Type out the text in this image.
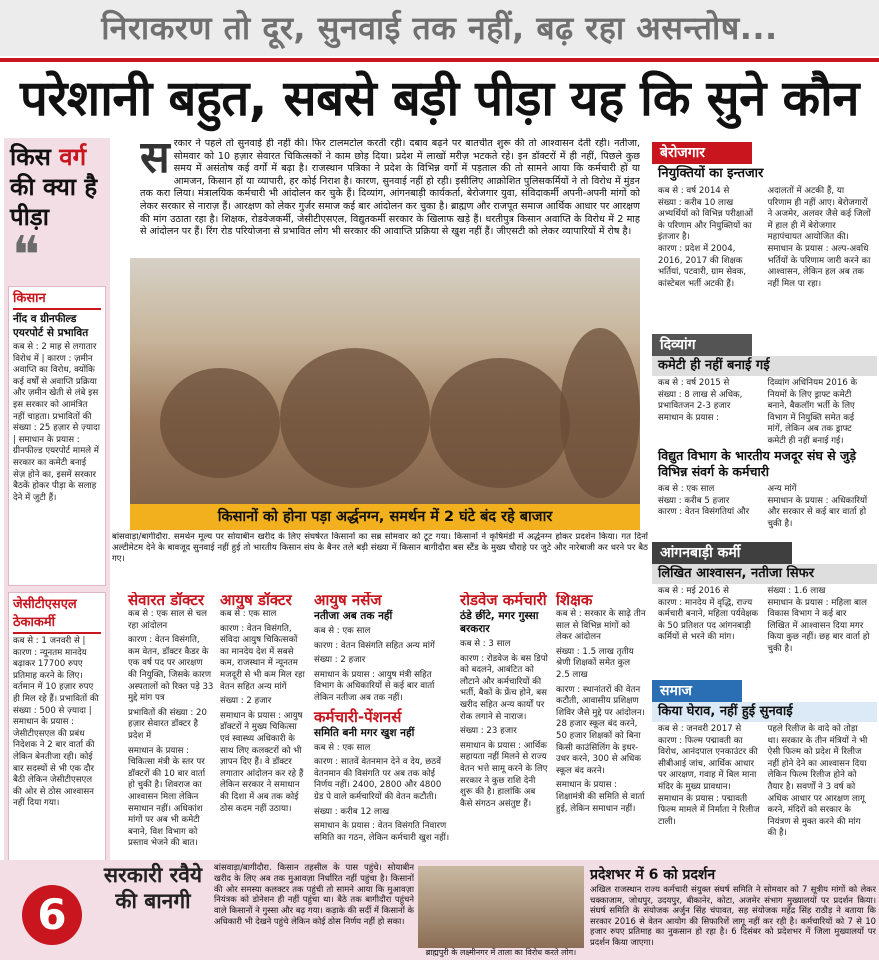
निराकरण तो दूर, सुनवाई तक नहीं, बढ़ रहा असन्तोष...
परेशानी बहुत, सबसे बड़ी पीड़ा यह कि सुने कौन
किस वर्ग
की क्या है पीड़ा
❝
किसान
नींद व ग्रीनफील्ड एयरपोर्ट से प्रभावित
कब से : 2 माह से लगातार विरोध में | कारण : ज़मीन अवाप्ति का विरोध, क्योंकि कई वर्षों से अवाप्ति प्रक्रिया और ज़मीन खेती से लंबे इस इस सरकार को आमंत्रित नहीं चाहता। प्रभावितों की संख्या : 25 हज़ार से ज़्यादा | समाधान के प्रयास : ग्रीनफील्ड एयरपोर्ट मामले में सरकार का कमेटी बनाई सेज़ होने का, इसमें सरकार बैठकें होकर पीड़ा के सलाह देने में जुटी हैं।
जेसीटीएसएल ठेकाकर्मी
कब से : 1 जनवरी से | कारण : न्यूनतम मानदेय बढ़ाकर 17700 रुपए प्रतिमाह करने के लिए। वर्तमान में 10 हज़ार रुपए ही मिल रहे हैं। प्रभावितों की संख्या : 500 से ज़्यादा | समाधान के प्रयास : जेसीटीएसएल की प्रबंध निदेशक ने 2 बार वार्ता की लेकिन बेनतीजा रही। कोई बार सदस्यों से भी एक दौर बैठी लेकिन जेसीटीएसएल की ओर से ठोस आश्वासन नहीं दिया गया।
स रकार ने पहले तो सुनवाई ही नहीं की। फिर टालमटोल करती रही। दबाव बढ़ने पर बातचीत शुरू की तो आश्वासन देती रही। नतीजा, सोमवार को 10 हज़ार सेवारत चिकित्सकों ने काम छोड़ दिया। प्रदेश में लाखों मरीज़ भटकते रहे। इन डॉक्टरों में ही नहीं, पिछले कुछ समय में असंतोष कई वर्गों में बढ़ा है। राजस्थान पत्रिका ने प्रदेश के विभिन्न वर्गों में पड़ताल की तो सामने आया कि कर्मचारी हों या आमजन, किसान हों या व्यापारी, हर कोई निराश है। कारण, सुनवाई नहीं हो रही। इसीलिए आक्रोशित पुलिसकर्मियों ने तो विरोध में मुंडन तक करा लिया। मंत्रालयिक कर्मचारी भी आंदोलन कर चुके हैं। दिव्यांग, आंगनबाड़ी कार्यकर्ता, बेरोजगार युवा, संविदाकर्मी अपनी-अपनी मांगों को लेकर सरकार से नाराज़ हैं। आरक्षण को लेकर गुर्जर समाज कई बार आंदोलन कर चुका है। ब्राह्मण और राजपूत समाज आर्थिक आधार पर आरक्षण की मांग उठाता रहा है। शिक्षक, रोडवेजकर्मी, जेसीटीएसएल, विद्युतकर्मी सरकार के खिलाफ खड़े हैं। धरतीपुत्र किसान अवाप्ति के विरोध में 2 माह से आंदोलन पर हैं। रिंग रोड परियोजना से प्रभावित लोग भी सरकार की आवाप्ति प्रक्रिया से खुश नहीं हैं। जीएसटी को लेकर व्यापारियों में रोष है।
किसानों को होना पड़ा अर्द्धनग्न, समर्थन में 2 घंटे बंद रहे बाजार
बांसवाड़ा/बागीदौरा. समर्थन मूल्य पर सोयाबीन खरीद के लिए संघर्षरत किसानों का सब्र सोमवार को टूट गया। किसानों ने कृषिमंडी में अर्द्धनग्न होकर प्रदर्शन किया। गत दिनों अल्टीमेटम देने के बावजूद सुनवाई नहीं हुई तो भारतीय किसान संघ के बैनर तले बड़ी संख्या में किसान बागीदौरा बस स्टैंड के मुख्य चौराहे पर जुटे और नारेबाजी कर धरने पर बैठ गए।
सेवारत डॉक्टर
कब से : एक साल से चल रहा आंदोलन
कारण : वेतन विसंगति, कम वेतन, डॉक्टर कैडर के एक वर्ष पद पर आरक्षण की नियुक्ति, जिसके कारण अस्पतालों को रिक्त पड़े 33 मुद्दे मांग पत्र
प्रभावितों की संख्या : 20 हज़ार सेवारत डॉक्टर है प्रदेश में
समाधान के प्रयास : चिकित्सा मंत्री के स्तर पर डॉक्टरों की 10 बार वार्ता हो चुकी है। शिवराज का आश्वासन मिला लेकिन समाधान नहीं। अधिकांश मांगों पर अब भी कमेटी बनाने, विश विभाग को प्रस्ताव भेजने की बात।
आयुष डॉक्टर
कब से : एक साल
कारण : वेतन विसंगति, संविदा आयुष चिकित्सकों का मानदेय देश में सबसे कम, राजस्थान में न्यूनतम मजदूरी से भी कम मिल रहा वेतन सहित अन्य मांगें
संख्या : 2 हजार
समाधान के प्रयास : आयुष डॉक्टरों ने मुख्य चिकित्सा एवं स्वास्थ्य अधिकारी के साथ लिए कलक्टरों को भी ज्ञापन दिए हैं। वे डॉक्टर लगातार आंदोलन कर रहे हैं लेकिन सरकार ने समाधान की दिशा में अब तक कोई ठोस कदम नहीं उठाया।
आयुष नर्सेज
नतीजा अब तक नहीं
कब से : एक साल
कारण : वेतन विसंगति सहित अन्य मांगें
संख्या : 2 हजार
समाधान के प्रयास : आयुष मंत्री सहित विभाग के अधिकारियों से कई बार वार्ता लेकिन नतीजा अब तक नहीं।
कर्मचारी-पेंशनर्स
समिति बनी मगर खुश नहीं
कब से : एक साल
कारण : सातवें वेतनमान देने व देय, छठवें वेतनमान की विसंगति पर अब तक कोई निर्णय नहीं। 2400, 2800 और 4800 ग्रेड पे वाले कर्मचारियों की वेतन कटौती।
संख्या : करीब 12 लाख
समाधान के प्रयास : वेतन विसंगति निवारण समिति का गठन, लेकिन कर्मचारी खुश नहीं।
रोडवेज कर्मचारी
ठंडे छींटे, मगर गुस्सा बरकरार
कब से : 3 साल
कारण : रोडवेज के बस डिपो को बदलने, आबंटित को लौटाने और कर्मचारियों की भर्ती, बैकों के फ्रेंच होने, बस खरीद सहित अन्य कार्यों पर रोक लगाने से नाराज।
संख्या : 23 हजार
समाधान के प्रयास : आर्थिक सहायता नहीं मिलने से राज्य वेतन भत्ते सामू करने के लिए सरकार ने कुछ राशि देनी शुरू की है। हालांकि अब कैसे संगठन असंतुष्ट हैं।
शिक्षक
कब से : सरकार के साढ़े तीन साल से विभिन्न मांगों को लेकर आंदोलन
संख्या : 1.5 लाख तृतीय श्रेणी शिक्षकों समेत कुल 2.5 लाख
कारण : स्थानांतरों की वेतन कटौती, आवासीय प्रशिक्षण शिविर जैसे मुद्दे पर आंदोलन। 28 हजार स्कूल बंद करने, 50 हजार शिक्षकों को बिना किसी काउंसिलिंग के इधर-उधर करने, 300 से अधिक स्कूल बंद करने।
समाधान के प्रयास : शिक्षामंत्री की समिति से वार्ता हुई, लेकिन समाधान नहीं।
बेरोजगार
नियुक्तियों का इन्तजार
कब से : वर्ष 2014 से
संख्या : करीब 10 लाख अभ्यर्थियों को विभिन्न परीक्षाओं के परिणाम और नियुक्तियों का इंतजार है।
कारण : प्रदेश में 2004, 2016, 2017 की शिक्षक भर्तियां, पटवारी, ग्राम सेवक, कांस्टेबल भर्ती अटकी हैं।
अदालतों में अटकी हैं, या परिणाम ही नहीं आए। बेरोजगारों ने अजमेर, अलवर जैसे कई जिलों में हाल ही में बेरोजगार महापंचायत आयोजित की।
समाधान के प्रयास : अल्प-अवधि भर्तियों के परिणाम जारी करने का आश्वासन, लेकिन हल अब तक नहीं मिल पा रहा।
दिव्यांग
कमेटी ही नहीं बनाई गई
कब से : वर्ष 2015 से
संख्या : 8 लाख से अधिक, प्रभावितजन 2-3 हजार
समाधान के प्रयास :
दिव्यांग अधिनियम 2016 के नियमों के लिए ड्राफ्ट कमेटी बनाने, बैकलॉग भर्ती के लिए विभाग में नियुक्ति समेत कई मांगें, लेकिन अब तक ड्राफ्ट कमेटी ही नहीं बनाई गई।
विद्युत विभाग के भारतीय मजदूर संघ से जुड़े विभिन्न संवर्ग के कर्मचारी
कब से : एक साल
संख्या : करीब 5 हजार
कारण : वेतन विसंगतियां और
अन्य मांगें
समाधान के प्रयास : अधिकारियों और सरकार से कई बार वार्ता हो चुकी है।
आंगनबाड़ी कर्मी
लिखित आश्वासन, नतीजा सिफर
कब से : मई 2016 से
कारण : मानदेय में वृद्धि, राज्य कर्मचारी बनाने, महिला पर्यवेक्षक के 50 प्रतिशत पद आंगनबाड़ी कर्मियों से भरने की मांग।
संख्या : 1.6 लाख
समाधान के प्रयास : महिला बाल विकास विभाग ने कई बार लिखित में आश्वासन दिया मगर किया कुछ नहीं। छह बार वार्ता हो चुकी है।
समाज
किया घेराव, नहीं हुई सुनवाई
कब से : जनवरी 2017 से
कारण : फिल्म पद्मावती का विरोध, आनंदपाल एनकाउंटर की सीबीआई जांच, आर्थिक आधार पर आरक्षण, गवाह में बिल माना मंदिर के मुख्य प्रावधान।
समाधान के प्रयास : पद्मावती फिल्म मामले में निर्माता ने रिलीज टाली।
पहले रिलीज के वादे को तोड़ा था। सरकार के तीन मंत्रियों ने भी ऐसी फिल्म को प्रदेश में रिलीज नहीं होने देने का आश्वासन दिया लेकिन फिल्म रिलीज होने को तैयार है। सवर्णों ने 3 वर्ष को अधिक आधार पर आरक्षण लागू करने, मंदिरों को सरकार के नियंत्रण से मुक्त करने की मांग की है।
6
सरकारी रवैये की बानगी
बांसवाड़ा/बागीदौरा. किसान तहसील के पास पहुंचे। सोयाबीन खरीद के लिए अब तक मुआवज़ा निर्धारित नहीं पहुंचा है। किसानों की ओर समस्या कलक्टर तक पहुंची तो सामने आया कि मुआवज़ा नियंत्रक को डोनेशन ही नहीं पहुंचा था। बैठे तक बागीदौरा पहुंचने वाले किसानों ने गुस्सा और बढ़ गया। कड़ाके की सर्दी में किसानों के अधिकारी भी देखने पहुंचे लेकिन कोई ठोस निर्णय नहीं हो सका।
ब्राह्मपुरी के लक्ष्मीनगर में ताला का विरोध करते लोग।
प्रदेशभर में 6 को प्रदर्शन
अखिल राजस्थान राज्य कर्मचारी संयुक्त संघर्ष समिति ने सोमवार को 7 सूत्रीय मांगों को लेकर चक्काजाम, जोधपुर, उदयपुर, बीकानेर, कोटा, अजमेर संभाग मुख्यालयों पर प्रदर्शन किया। संघर्ष समिति के संयोजक अर्जुन सिंह चंपावत, सह संयोजक महेंद्र सिंह राठौड़ ने बताया कि सरकार 2016 से वेतन आयोग की सिफारिशें लागू नहीं कर रही है। कर्मचारियों को 7 से 10 हजार रुपए प्रतिमाह का नुकसान हो रहा है। 6 दिसंबर को प्रदेशभर में जिला मुख्यालयों पर प्रदर्शन किया जाएगा।
